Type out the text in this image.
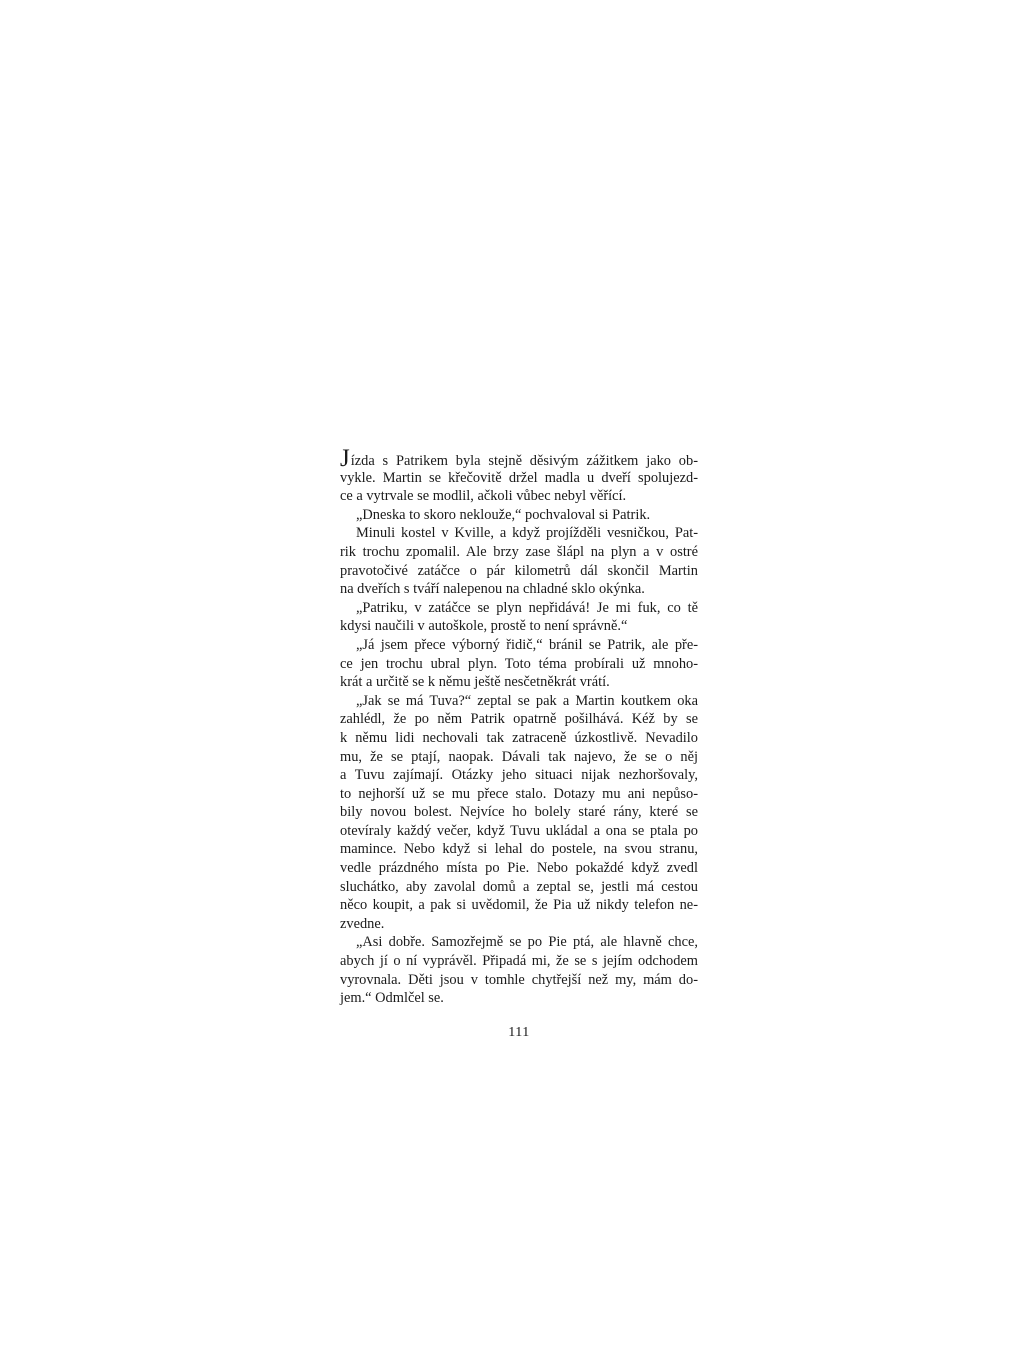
Jízda s Patrikem byla stejně děsivým zážitkem jako ob-
vykle. Martin se křečovitě držel madla u dveří spolujezd-
ce a vytrvale se modlil, ačkoli vůbec nebyl věřící.
„Dneska to skoro neklouže,“ pochvaloval si Patrik.
Minuli kostel v Kville, a když projížděli vesničkou, Pat-
rik trochu zpomalil. Ale brzy zase šlápl na plyn a v ostré
pravotočivé zatáčce o pár kilometrů dál skončil Martin
na dveřích s tváří nalepenou na chladné sklo okýnka.
„Patriku, v zatáčce se plyn nepřidává! Je mi fuk, co tě
kdysi naučili v autoškole, prostě to není správně.“
„Já jsem přece výborný řidič,“ bránil se Patrik, ale pře-
ce jen trochu ubral plyn. Toto téma probírali už mnoho-
krát a určitě se k němu ještě nesčetněkrát vrátí.
„Jak se má Tuva?“ zeptal se pak a Martin koutkem oka
zahlédl, že po něm Patrik opatrně pošilhává. Kéž by se
k němu lidi nechovali tak zatraceně úzkostlivě. Nevadilo
mu, že se ptají, naopak. Dávali tak najevo, že se o něj
a Tuvu zajímají. Otázky jeho situaci nijak nezhoršovaly,
to nejhorší už se mu přece stalo. Dotazy mu ani nepůso-
bily novou bolest. Nejvíce ho bolely staré rány, které se
otevíraly každý večer, když Tuvu ukládal a ona se ptala po
mamince. Nebo když si lehal do postele, na svou stranu,
vedle prázdného místa po Pie. Nebo pokaždé když zvedl
sluchátko, aby zavolal domů a zeptal se, jestli má cestou
něco koupit, a pak si uvědomil, že Pia už nikdy telefon ne-
zvedne.
„Asi dobře. Samozřejmě se po Pie ptá, ale hlavně chce,
abych jí o ní vyprávěl. Připadá mi, že se s jejím odchodem
vyrovnala. Děti jsou v tomhle chytřejší než my, mám do-
jem.“ Odmlčel se.
111
